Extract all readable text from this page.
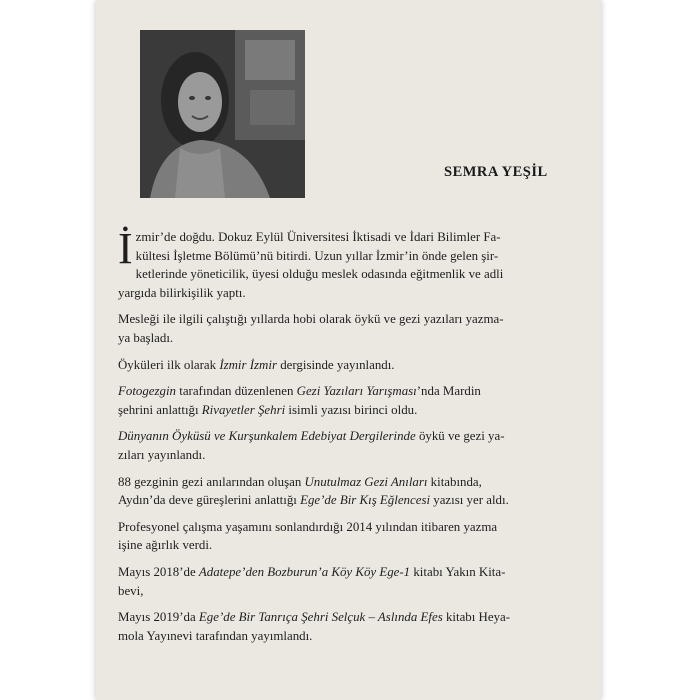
SEMRA YEŞİL

İ zmir’de doğdu. Dokuz Eylül Üniversitesi İktisadi ve İdari Bilimler Fa-
kültesi İşletme Bölümü’nü bitirdi. Uzun yıllar İzmir’in önde gelen şir-
ketlerinde yöneticilik, üyesi olduğu meslek odasında eğitmenlik ve adli
yargıda bilirkişilik yaptı.

Mesleği ile ilgili çalıştığı yıllarda hobi olarak öykü ve gezi yazıları yazma-
ya başladı.

Öyküleri ilk olarak İzmir İzmir dergisinde yayınlandı.

Fotogezgin tarafından düzenlenen Gezi Yazıları Yarışması’nda Mardin
şehrini anlattığı Rivayetler Şehri isimli yazısı birinci oldu.

Dünyanın Öyküsü ve Kurşunkalem Edebiyat Dergilerinde öykü ve gezi ya-
zıları yayınlandı.

88 gezginin gezi anılarından oluşan Unutulmaz Gezi Anıları kitabında,
Aydın’da deve güreşlerini anlattığı Ege’de Bir Kış Eğlencesi yazısı yer aldı.

Profesyonel çalışma yaşamını sonlandırdığı 2014 yılından itibaren yazma
işine ağırlık verdi.

Mayıs 2018’de Adatepe’den Bozburun’a Köy Köy Ege-1 kitabı Yakın Kita-
bevi,

Mayıs 2019’da Ege’de Bir Tanrıça Şehri Selçuk – Aslında Efes kitabı Heya-
mola Yayınevi tarafından yayımlandı.
